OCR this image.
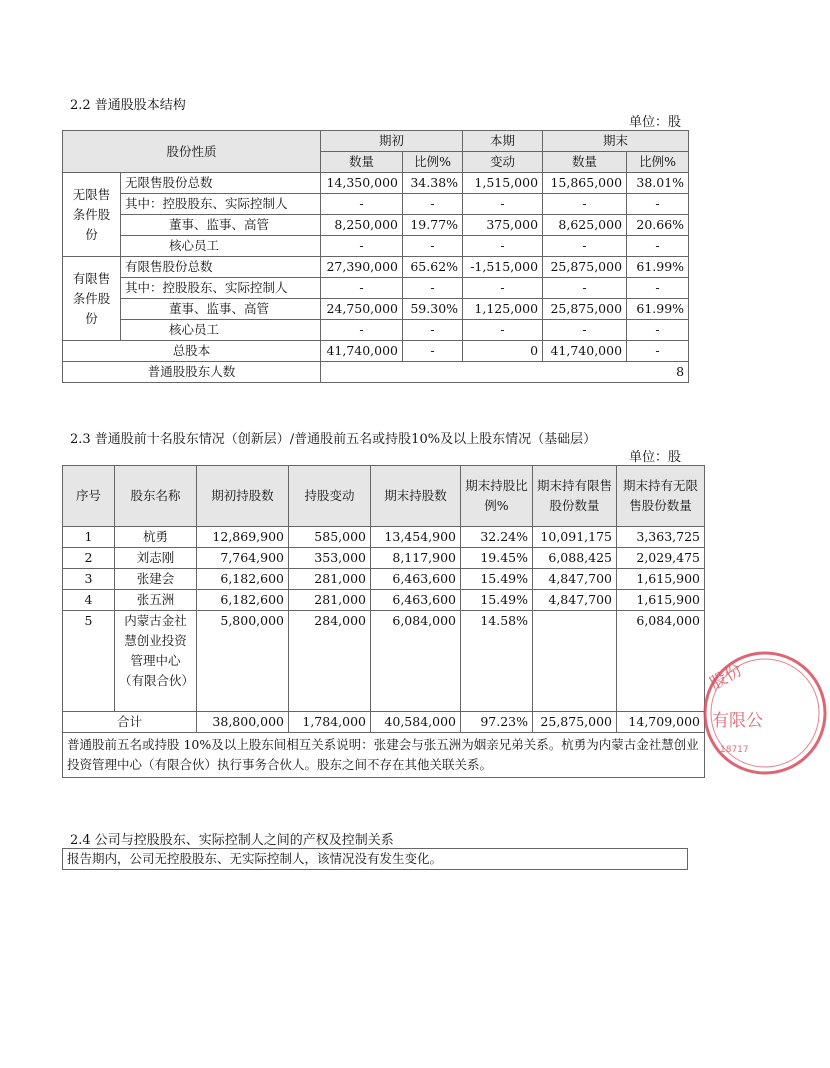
2.2 普通股股本结构
单位：股
股份性质		期初		本期	期末	
		数量	比例%	变动	数量	比例%
无限售条件股份	无限售股份总数	14,350,000	34.38%	1,515,000	15,865,000	38.01%
	其中：控股股东、实际控制人	-	-	-	-	-
	董事、监事、高管	8,250,000	19.77%	375,000	8,625,000	20.66%
	核心员工	-	-	-	-	-
有限售条件股份	有限售股份总数	27,390,000	65.62%	-1,515,000	25,875,000	61.99%
	其中：控股股东、实际控制人	-	-	-	-	-
	董事、监事、高管	24,750,000	59.30%	1,125,000	25,875,000	61.99%
	核心员工	-	-	-	-	-
总股本		41,740,000	-	0	41,740,000	-
普通股股东人数		8				
2.3 普通股前十名股东情况（创新层）/普通股前五名或持股10%及以上股东情况（基础层）
单位：股
序号	股东名称	期初持股数	持股变动	期末持股数	期末持股比例%	期末持有限售股份数量	期末持有无限售股份数量
1	杭勇	12,869,900	585,000	13,454,900	32.24%	10,091,175	3,363,725
2	刘志刚	7,764,900	353,000	8,117,900	19.45%	6,088,425	2,029,475
3	张建会	6,182,600	281,000	6,463,600	15.49%	4,847,700	1,615,900
4	张五洲	6,182,600	281,000	6,463,600	15.49%	4,847,700	1,615,900
5	内蒙古金社慧创业投资管理中心（有限合伙）	5,800,000	284,000	6,084,000	14.58%		6,084,000
合计		38,800,000	1,784,000	40,584,000	97.23%	25,875,000	14,709,000
普通股前五名或持股 10%及以上股东间相互关系说明：张建会与张五洲为姻亲兄弟关系。杭勇为内蒙古金社慧创业投资管理中心（有限合伙）执行事务合伙人。股东之间不存在其他关联关系。							
2.4 公司与控股股东、实际控制人之间的产权及控制关系
报告期内，公司无控股股东、无实际控制人，该情况没有发生变化。
股份
有限公
18717
